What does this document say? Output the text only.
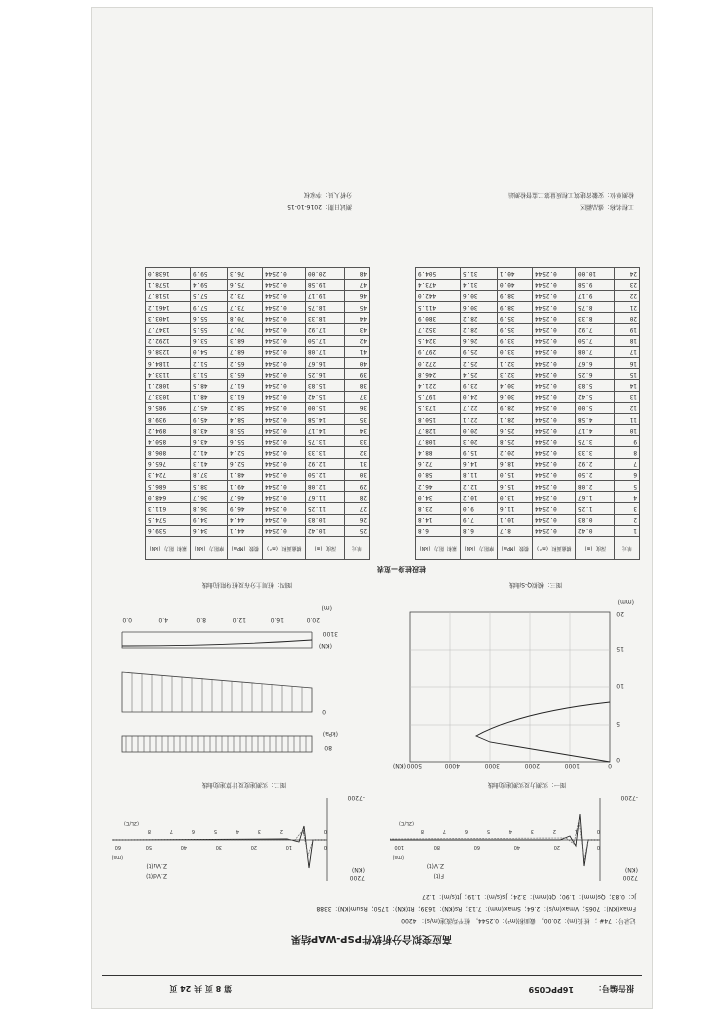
报告编号：
16PPC059
第 8 页 共 24 页
高应变拟合分析软件PSP-WAP结果
记录号：74# ； 桩长(m)：20.00， 截面积(m²)：0.2544， 桩平均波速(m/s)： 4200
Fmax(KN)：7065；Vmax(m/s)：2.64；Smax(mm)：7.13；Rs(KN)：1639；Rt(KN)：1750；Rsum(KN)：3388
Jc：0.83；Qs(mm)：1.90；Qt(mm)：3.24；Js(s/m)：1.19；Jt(s/m)：1.27
7200
(KN)
-7200
F(t)
Z.V(t)
0
1
2
3
4
5
6
7
8
(2L/C)
0
20
40
60
80
100
(ms)
7200
(KN)
-7200
Z.Vd(t)
Z.Vu(t)
0
1
2
3
4
5
6
7
8
(2L/C)
0
10
20
30
40
50
60
(ms)
图一：实测力及实测速度曲线
图二：实测速度及计算速度曲线
0
1000
2000
3000
4000
5000
(KN)
0
5
10
15
20
(mm)
80
(kPa)
0
(KN)
3100
0.0	4.0	8.0	12.0	16.0	20.0
(m)
图三：模拟Q-S曲线
图四：桩周土分布及桩身阻抗曲线
桩段桩身—览表
单元	深度 (m)	横截面积 (m²)	模数 (MPa)	摩阻力 (kN)	累积 阻力 (kN)
1	0.42	0.2544	8.7	6.8	6.8
2	0.83	0.2544	10.1	7.9	14.8
3	1.25	0.2544	11.6	9.0	23.8
4	1.67	0.2544	13.0	10.2	34.0
5	2.08	0.2544	15.6	12.2	46.2
6	2.50	0.2544	15.0	11.8	58.0
7	2.92	0.2544	18.6	14.6	72.6
8	3.33	0.2544	20.2	15.9	88.4
9	3.75	0.2544	25.8	20.3	108.7
10	4.17	0.2544	25.6	20.0	128.7
11	4.58	0.2544	28.1	22.1	150.8
12	5.00	0.2544	28.9	22.7	173.5
13	5.42	0.2544	30.6	24.0	197.5
14	5.83	0.2544	30.4	23.9	221.4
15	6.25	0.2544	32.3	25.4	246.8
16	6.67	0.2544	32.1	25.2	272.0
17	7.08	0.2544	33.0	25.9	297.9
18	7.50	0.2544	33.9	26.6	324.5
19	7.92	0.2544	35.9	28.2	352.7
20	8.33	0.2544	35.9	28.2	380.9
21	8.75	0.2544	38.9	30.6	411.5
22	9.17	0.2544	38.9	30.6	442.0
23	9.58	0.2544	40.0	31.4	473.4
24	10.00	0.2544	40.1	31.5	504.9
单元	深度 (m)	横截面积 (m²)	模数 (MPa)	摩阻力 (kN)	累积 阻力 (kN)
25	10.42	0.2544	44.1	34.6	539.6
26	10.83	0.2544	44.4	34.9	574.5
27	11.25	0.2544	46.9	36.8	611.3
28	11.67	0.2544	46.7	36.7	648.0
29	12.08	0.2544	49.1	38.5	686.5
30	12.50	0.2544	48.1	37.8	724.3
31	12.92	0.2544	52.6	41.3	765.6
32	13.33	0.2544	52.4	41.2	806.8
33	13.75	0.2544	55.6	43.6	850.4
34	14.17	0.2544	55.8	43.8	894.2
35	14.58	0.2544	58.4	45.9	939.8
36	15.00	0.2544	58.2	45.7	985.6
37	15.42	0.2544	61.3	48.1	1033.7
38	15.83	0.2544	61.7	48.5	1082.1
39	16.25	0.2544	65.3	51.3	1133.4
40	16.67	0.2544	65.2	51.2	1184.6
41	17.08	0.2544	68.7	54.0	1238.6
42	17.50	0.2544	68.3	53.6	1292.2
43	17.92	0.2544	70.7	55.5	1347.7
44	18.33	0.2544	70.8	55.6	1403.3
45	18.75	0.2544	73.7	57.9	1461.2
46	19.17	0.2544	73.2	57.5	1518.7
47	19.58	0.2544	75.6	59.4	1578.1
48	20.00	0.2544	76.3	59.9	1638.0
工程名称：盛品疆区
检测单位：安徽省建筑工程质量第二监督检测站
测试日期：2016-10-15
分析人员：李家权
